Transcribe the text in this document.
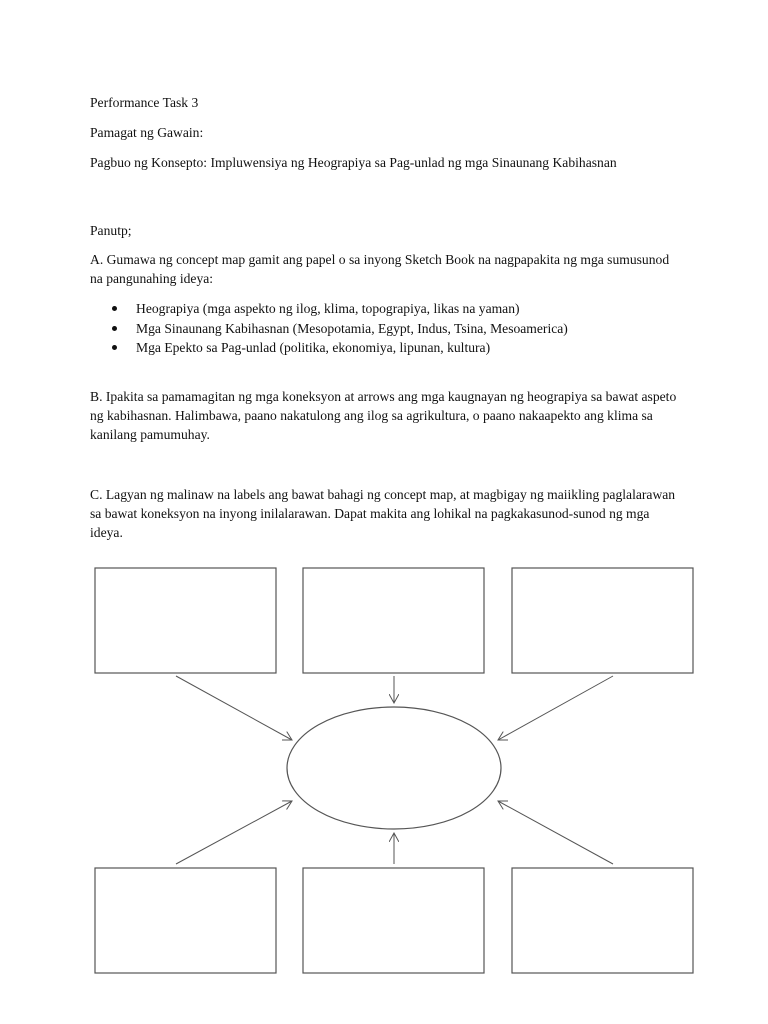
Performance Task 3
Pamagat ng Gawain:
Pagbuo ng Konsepto: Impluwensiya ng Heograpiya sa Pag-unlad ng mga Sinaunang Kabihasnan
Panutp;
A. Gumawa ng concept map gamit ang papel o sa inyong Sketch Book na nagpapakita ng mga sumusunod na pangunahing ideya:
Heograpiya (mga aspekto ng ilog, klima, topograpiya, likas na yaman)
Mga Sinaunang Kabihasnan (Mesopotamia, Egypt, Indus, Tsina, Mesoamerica)
Mga Epekto sa Pag-unlad (politika, ekonomiya, lipunan, kultura)
B. Ipakita sa pamamagitan ng mga koneksyon at arrows ang mga kaugnayan ng heograpiya sa bawat aspeto ng kabihasnan. Halimbawa, paano nakatulong ang ilog sa agrikultura, o paano nakaapekto ang klima sa kanilang pamumuhay.
C. Lagyan ng malinaw na labels ang bawat bahagi ng concept map, at magbigay ng maiikling paglalarawan sa bawat koneksyon na inyong inilalarawan. Dapat makita ang lohikal na pagkakasunod-sunod ng mga ideya.
